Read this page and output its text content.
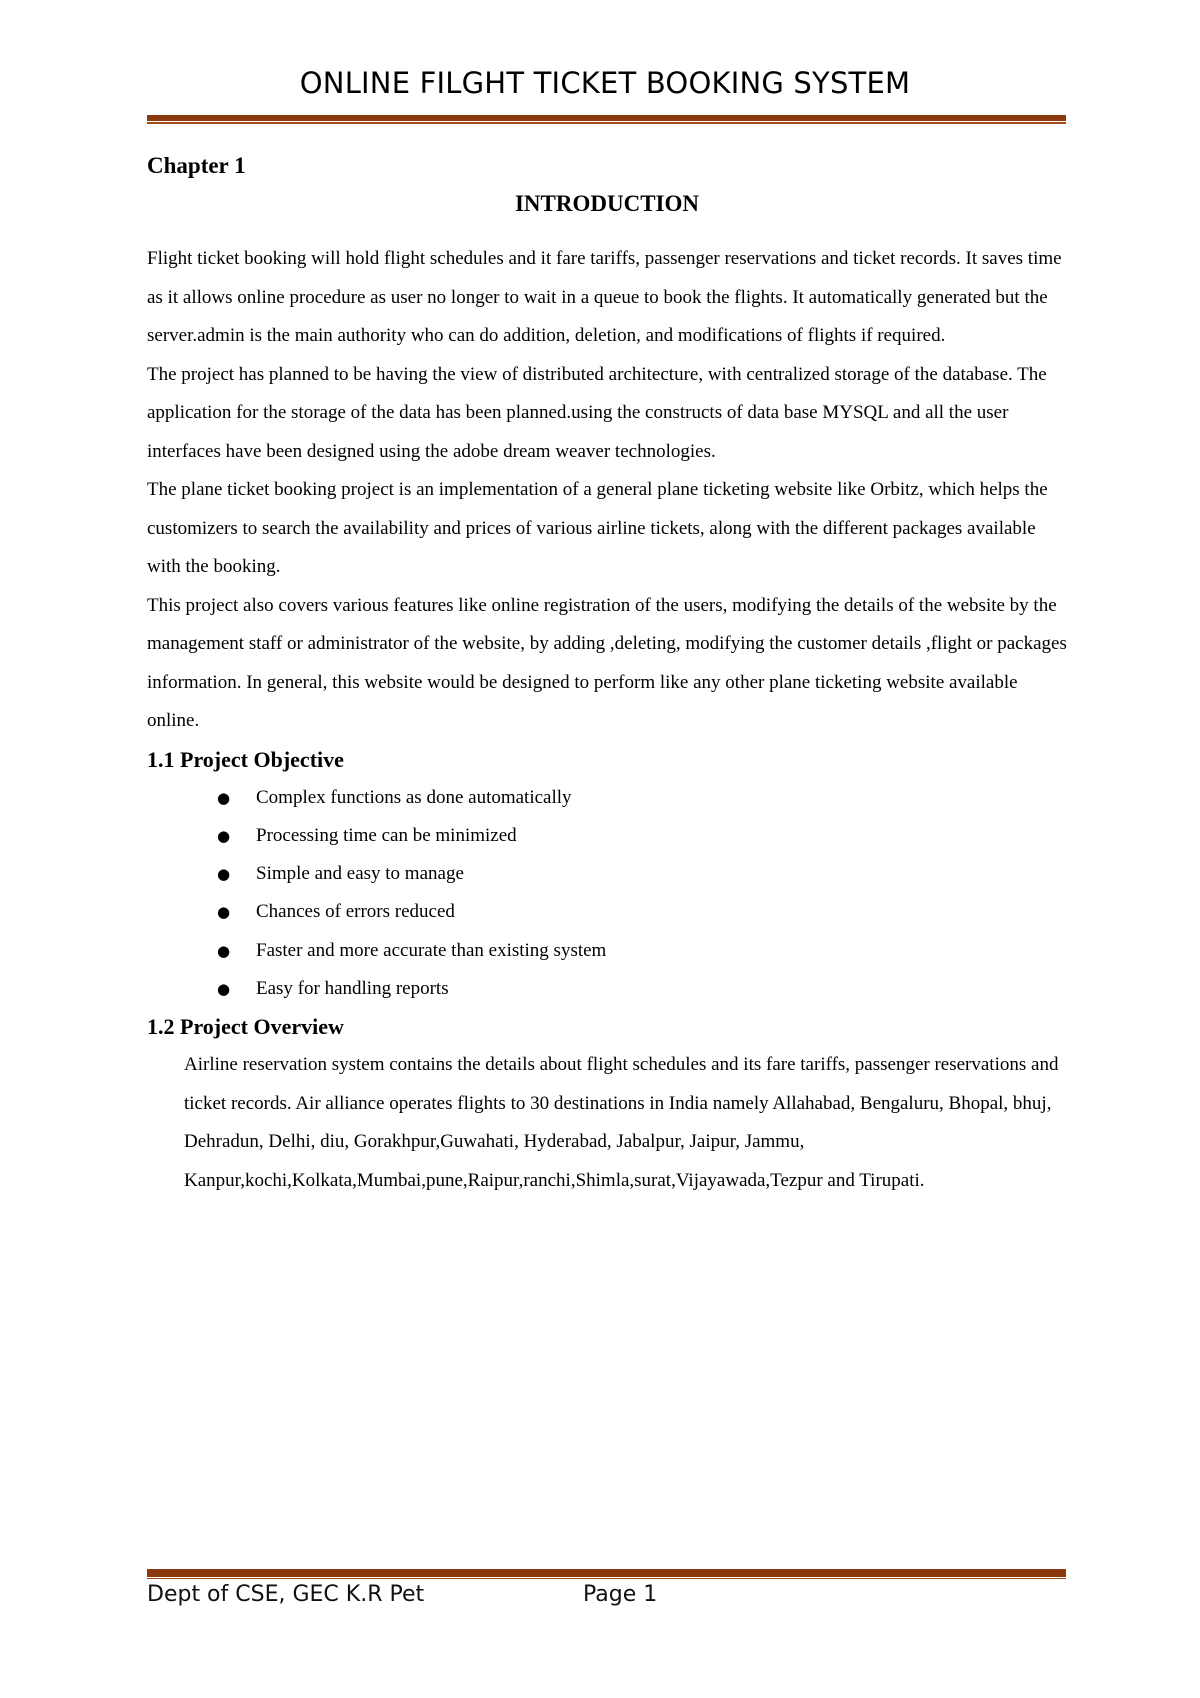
ONLINE FILGHT TICKET BOOKING SYSTEM
Chapter 1
INTRODUCTION

Flight ticket booking will hold flight schedules and it fare tariffs, passenger reservations and ticket records. It saves time as it allows online procedure as user no longer to wait in a queue to book the flights. It automatically generated but the server.admin is the main authority who can do addition, deletion, and modifications of flights if required.

The project has planned to be having the view of distributed architecture, with centralized storage of the database. The application for the storage of the data has been planned.using the constructs of data base MYSQL and all the user interfaces have been designed using the adobe dream weaver technologies.

The plane ticket booking project is an implementation of a general plane ticketing website like Orbitz, which helps the customizers to search the availability and prices of various airline tickets, along with the different packages available with the booking.

This project also covers various features like online registration of the users, modifying the details of the website by the management staff or administrator of the website, by adding ,deleting, modifying the customer details ,flight or packages information. In general, this website would be designed to perform like any other plane ticketing website available online.

1.1 Project Objective
● Complex functions as done automatically
● Processing time can be minimized
● Simple and easy to manage
● Chances of errors reduced
● Faster and more accurate than existing system
● Easy for handling reports
1.2 Project Overview

Airline reservation system contains the details about flight schedules and its fare tariffs, passenger reservations and ticket records. Air alliance operates flights to 30 destinations in India namely Allahabad, Bengaluru, Bhopal, bhuj, Dehradun, Delhi, diu, Gorakhpur,Guwahati, Hyderabad, Jabalpur, Jaipur, Jammu,

Kanpur,kochi,Kolkata,Mumbai,pune,Raipur,ranchi,Shimla,surat,Vijayawada,Tezpur and Tirupati.

Dept of CSE, GEC K.R Pet	Page 1
